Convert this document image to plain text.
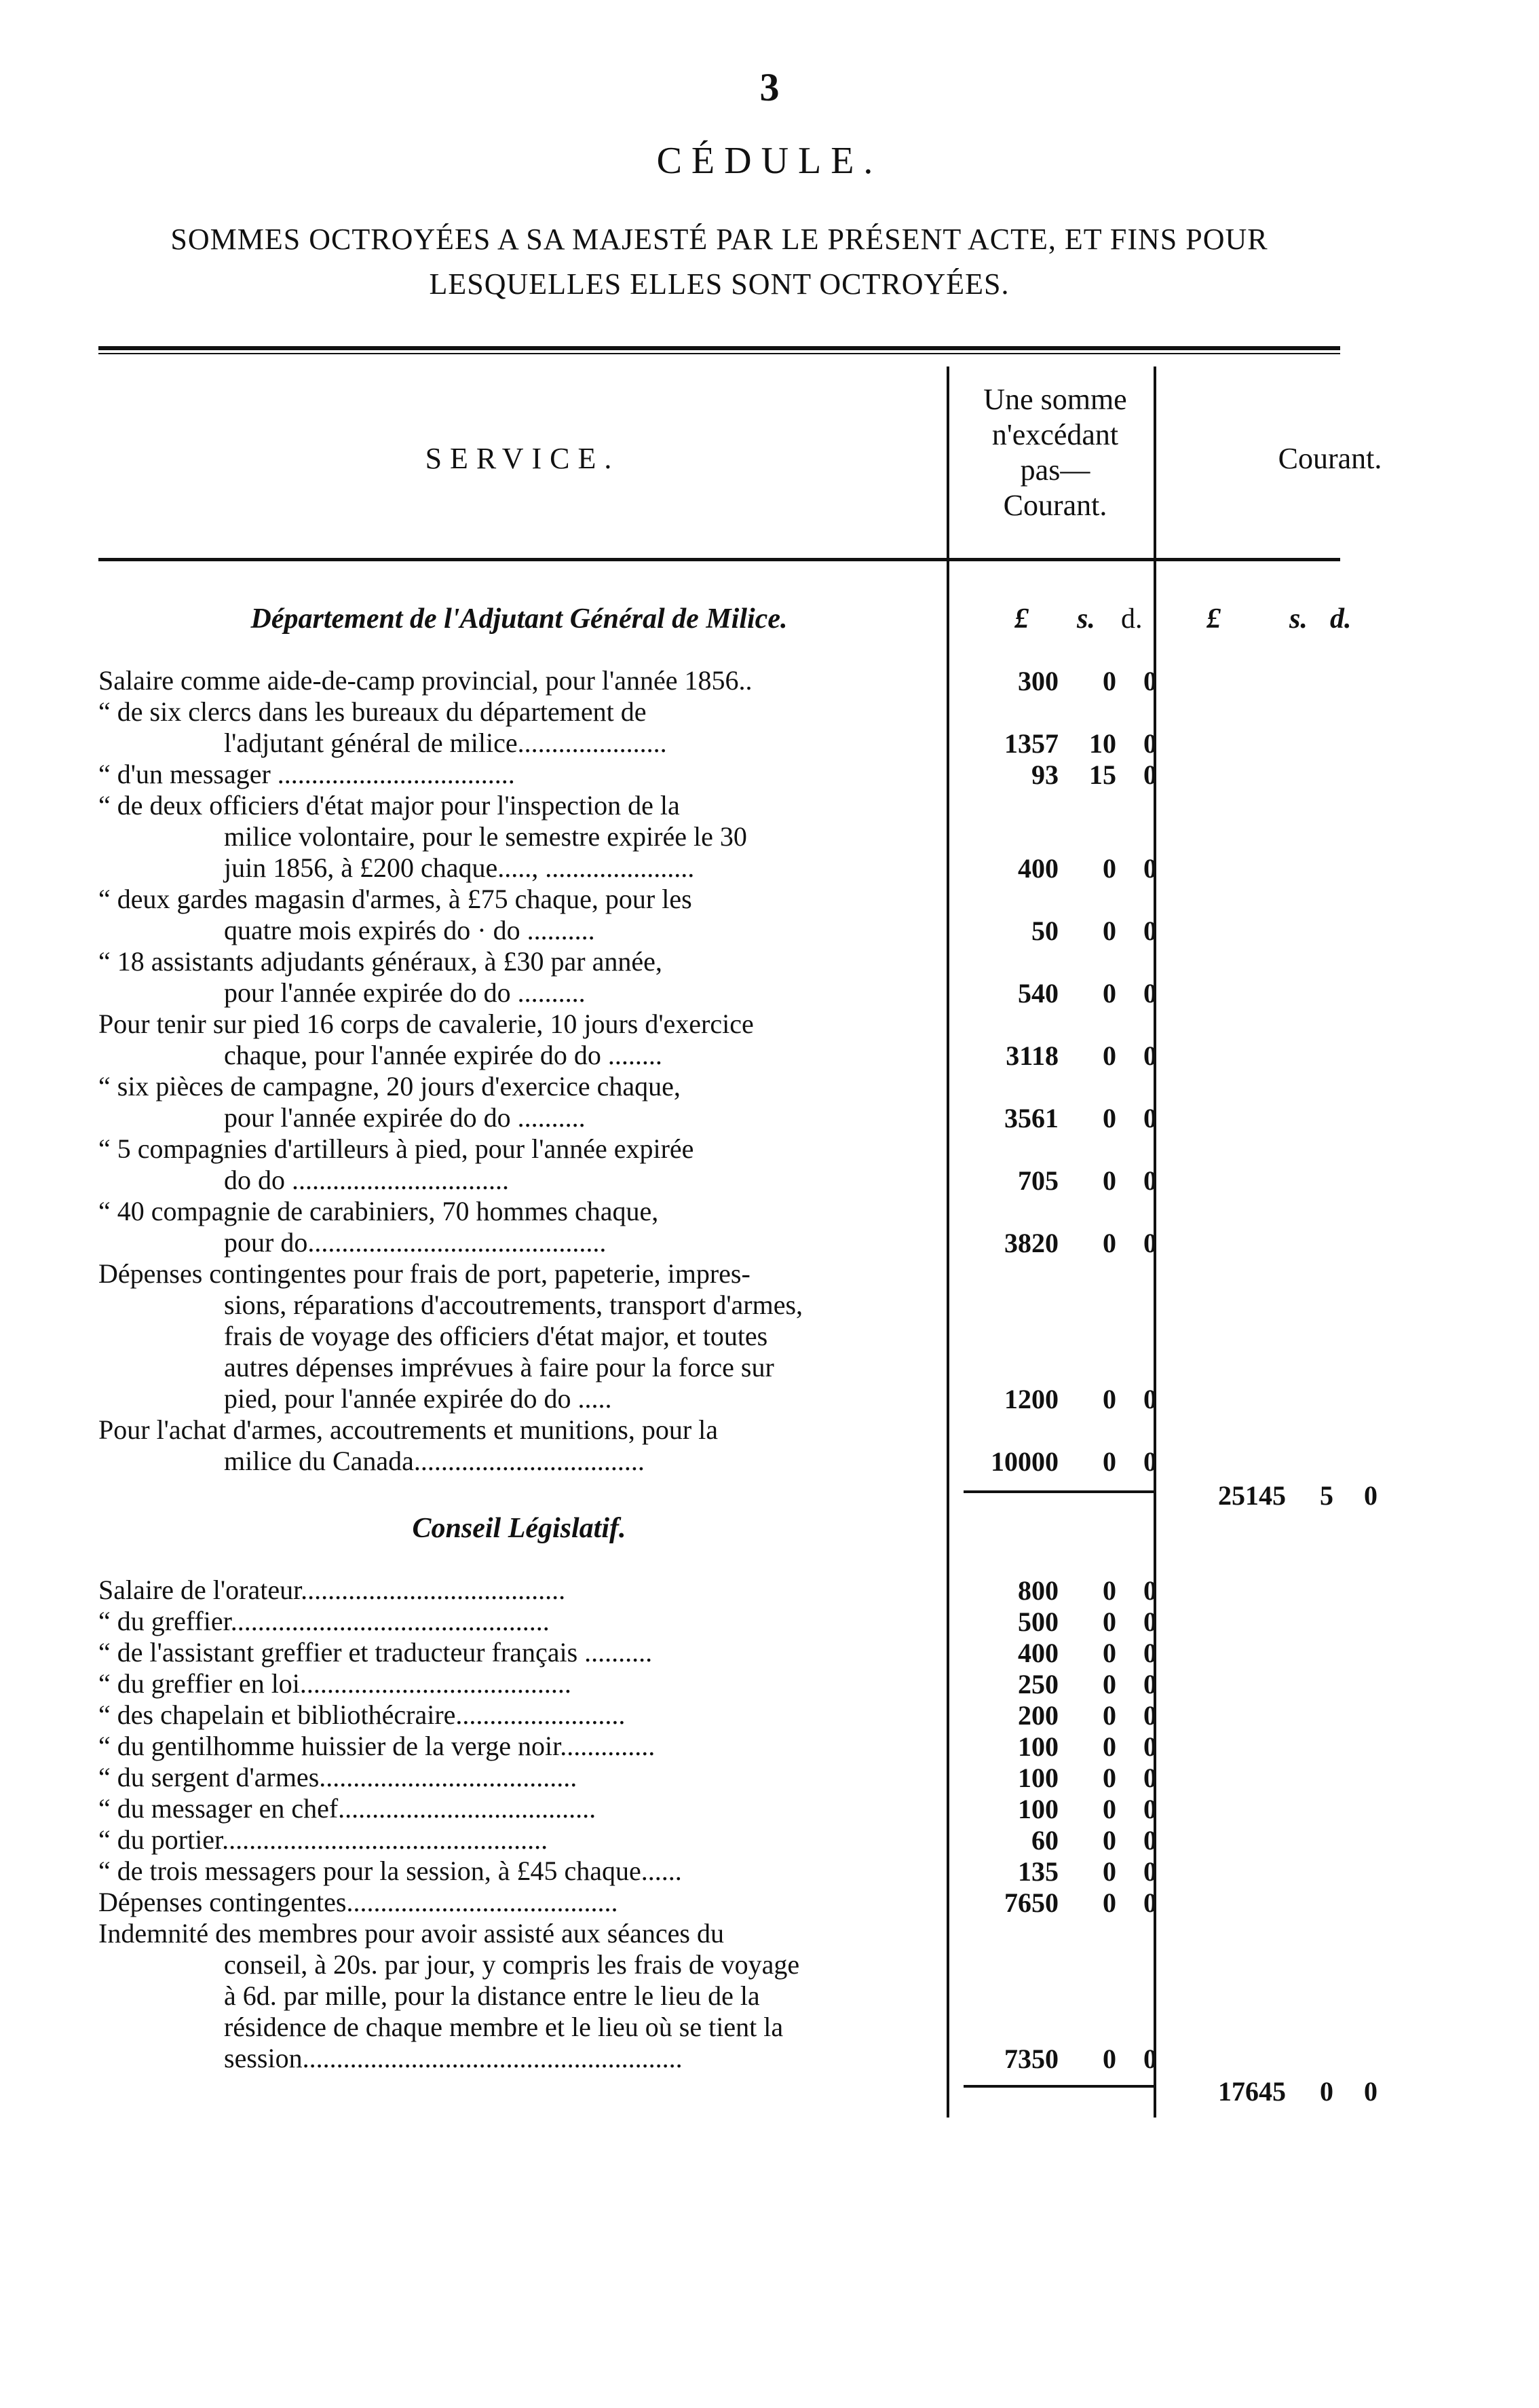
3
CÉDULE.
SOMMES OCTROYÉES A SA MAJESTÉ PAR LE PRÉSENT ACTE, ET FINS POUR LESQUELLES ELLES SONT OCTROYÉES.
SERVICE.
Une somme
n'excédant
pas—
Courant.
Courant.
£ s. d. £ s. d.
Département de l'Adjutant Général de Milice.
Salaire comme aide-de-camp provincial, pour l'année 1856..	300	0	0
“ de six clercs dans les bureaux du département de
l'adjutant général de milice......................	1357	10	0
“ d'un messager ...................................	93	15	0
“ de deux officiers d'état major pour l'inspection de la
milice volontaire, pour le semestre expirée le 30
juin 1856, à £200 chaque....., ......................	400	0	0
“ deux gardes magasin d'armes, à £75 chaque, pour les
quatre mois expirés do · do ..........	50	0	0
“ 18 assistants adjudants généraux, à £30 par année,
pour l'année expirée do do ..........	540	0	0
Pour tenir sur pied 16 corps de cavalerie, 10 jours d'exercice
chaque, pour l'année expirée do do ........	3118	0	0
“ six pièces de campagne, 20 jours d'exercice chaque,
pour l'année expirée do do ..........	3561	0	0
“ 5 compagnies d'artilleurs à pied, pour l'année expirée
do do ................................	705	0	0
“ 40 compagnie de carabiniers, 70 hommes chaque,
pour do............................................	3820	0	0
Dépenses contingentes pour frais de port, papeterie, impres-
sions, réparations d'accoutrements, transport d'armes,
frais de voyage des officiers d'état major, et toutes
autres dépenses imprévues à faire pour la force sur
pied, pour l'année expirée do do .....	1200	0	0
Pour l'achat d'armes, accoutrements et munitions, pour la
milice du Canada..................................	10000	0	0
25145	5	0
Conseil Législatif.
Salaire de l'orateur.......................................	800	0	0
“ du greffier...............................................	500	0	0
“ de l'assistant greffier et traducteur français ..........	400	0	0
“ du greffier en loi........................................	250	0	0
“ des chapelain et bibliothécraire.........................	200	0	0
“ du gentilhomme huissier de la verge noir..............	100	0	0
“ du sergent d'armes......................................	100	0	0
“ du messager en chef......................................	100	0	0
“ du portier................................................	60	0	0
“ de trois messagers pour la session, à £45 chaque......	135	0	0
Dépenses contingentes........................................	7650	0	0
Indemnité des membres pour avoir assisté aux séances du
conseil, à 20s. par jour, y compris les frais de voyage
à 6d. par mille, pour la distance entre le lieu de la
résidence de chaque membre et le lieu où se tient la
session........................................................	7350	0	0
17645	0	0
